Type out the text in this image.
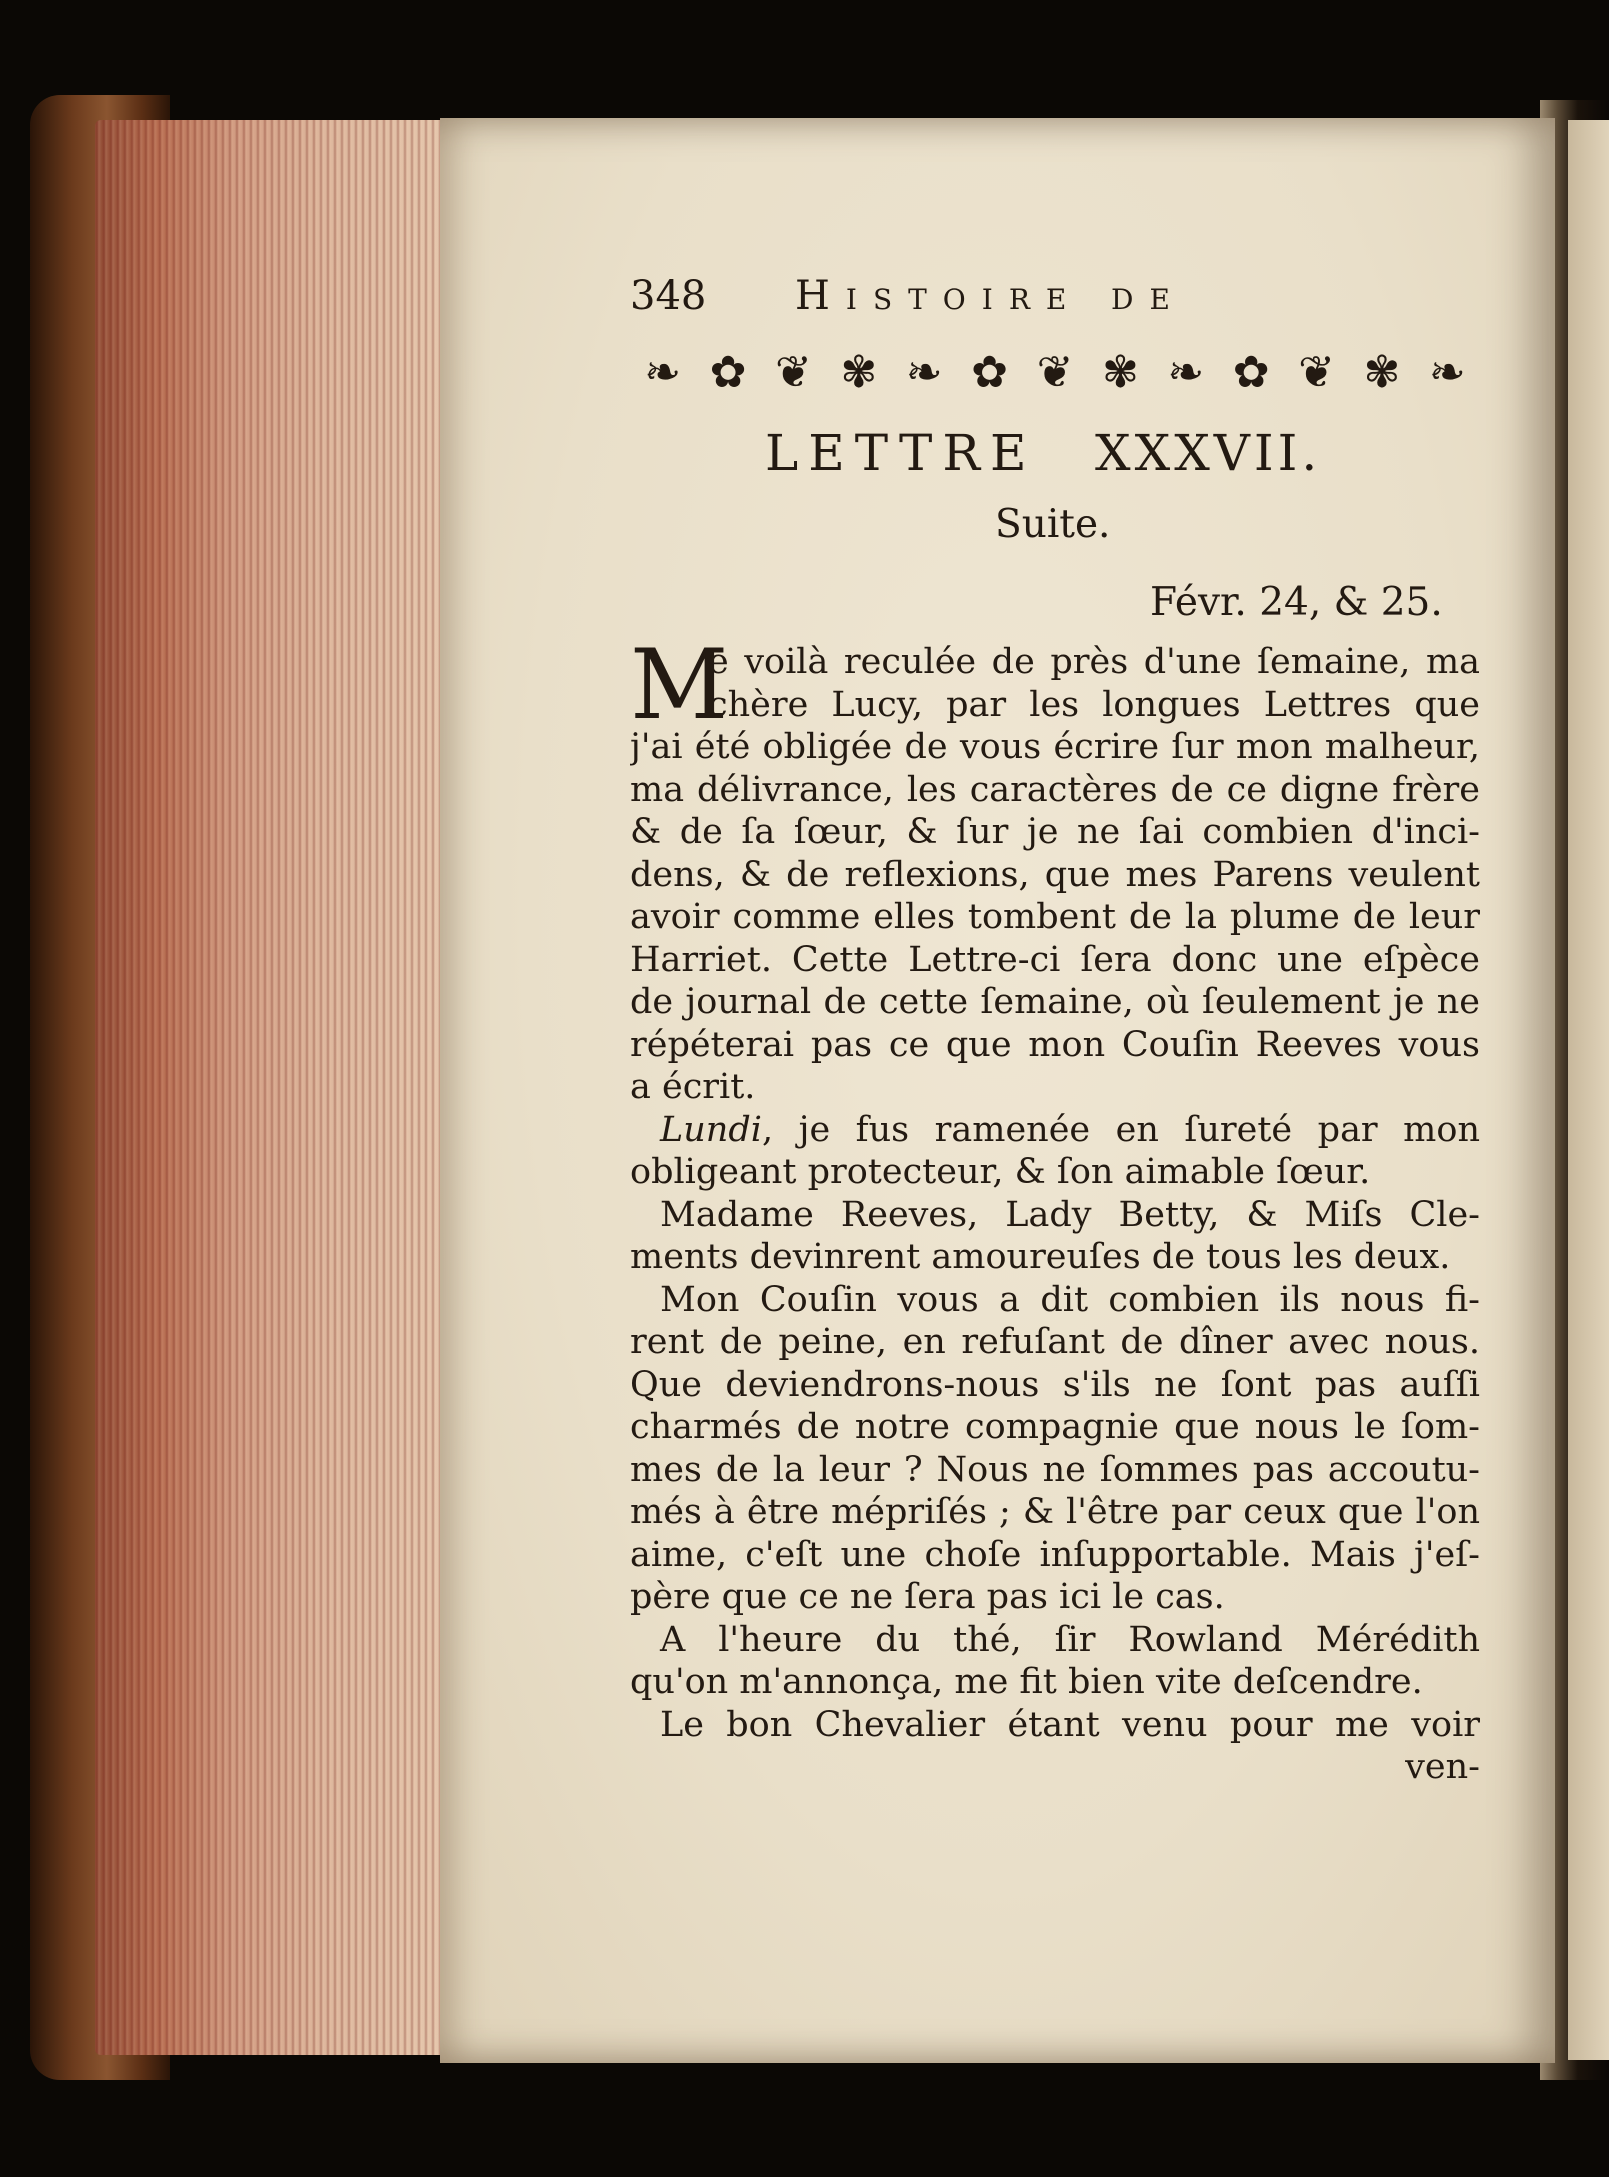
348 Histoire de
❧ ✿ ❦ ✾ ❧ ✿ ❦ ✾ ❧ ✿ ❦ ✾ ❧
LETTRE XXXVII.
Suite.
Févr. 24, & 25.
M
e voilà reculée de près d'une ſemaine, ma
chère Lucy, par les longues Lettres que
j'ai été obligée de vous écrire ſur mon malheur,
ma délivrance, les caractères de ce digne frère
& de ſa ſœur, & ſur je ne ſai combien d'inci-
dens, & de reflexions, que mes Parens veulent
avoir comme elles tombent de la plume de leur
Harriet. Cette Lettre-ci ſera donc une eſpèce
de journal de cette ſemaine, où ſeulement je ne
répéterai pas ce que mon Couſin Reeves vous
a écrit.
Lundi, je fus ramenée en ſureté par mon
obligeant protecteur, & ſon aimable ſœur.
Madame Reeves, Lady Betty, & Miſs Cle-
ments devinrent amoureuſes de tous les deux.
Mon Couſin vous a dit combien ils nous fi-
rent de peine, en refuſant de dîner avec nous.
Que deviendrons-nous s'ils ne ſont pas auſſi
charmés de notre compagnie que nous le ſom-
mes de la leur ? Nous ne ſommes pas accoutu-
més à être mépriſés ; & l'être par ceux que l'on
aime, c'eſt une choſe inſupportable. Mais j'eſ-
père que ce ne ſera pas ici le cas.
A l'heure du thé, ſir Rowland Mérédith
qu'on m'annonça, me fit bien vite deſcendre.
Le bon Chevalier étant venu pour me voir
ven-
